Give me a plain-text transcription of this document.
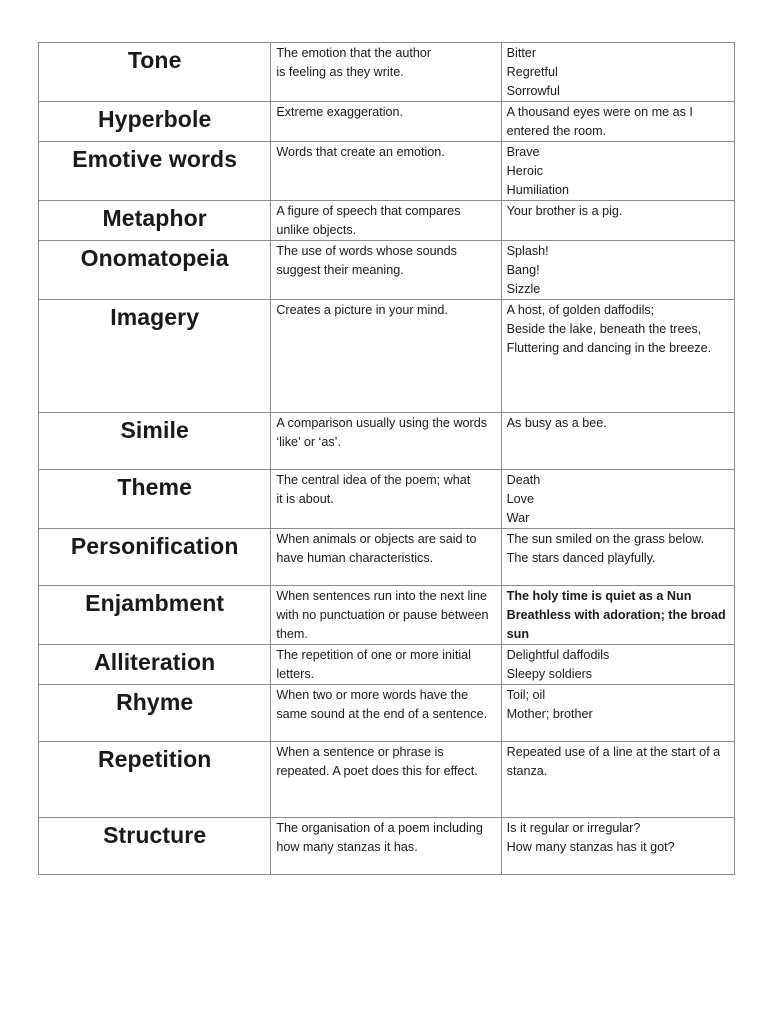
Tone	The emotion that the author
is feeling as they write.	Bitter
Regretful
Sorrowful

Hyperbole	Extreme exaggeration.	A thousand eyes were on me as I entered the room.

Emotive words	Words that create an emotion.	Brave
Heroic
Humiliation

Metaphor	A figure of speech that compares unlike objects.	Your brother is a pig.

Onomatopeia	The use of words whose sounds suggest their meaning.	Splash!
Bang!
Sizzle

Imagery	Creates a picture in your mind.	A host, of golden daffodils;
Beside the lake, beneath the trees,
Fluttering and dancing in the breeze.

Simile	A comparison usually using the words ‘like’ or ‘as’.	As busy as a bee.

Theme	The central idea of the poem; what
it is about.	Death
Love
War

Personification	When animals or objects are said to have human characteristics.	The sun smiled on the grass below.
The stars danced playfully.

Enjambment	When sentences run into the next line with no punctuation or pause between them.	The holy time is quiet as a Nun
Breathless with adoration; the broad sun

Alliteration	The repetition of one or more initial letters.	Delightful daffodils
Sleepy soldiers

Rhyme	When two or more words have the same sound at the end of a sentence.	Toil; oil
Mother; brother

Repetition	When a sentence or phrase is repeated. A poet does this for effect.	Repeated use of a line at the start of a stanza.

Structure	The organisation of a poem including how many stanzas it has.	Is it regular or irregular?
How many stanzas has it got?
